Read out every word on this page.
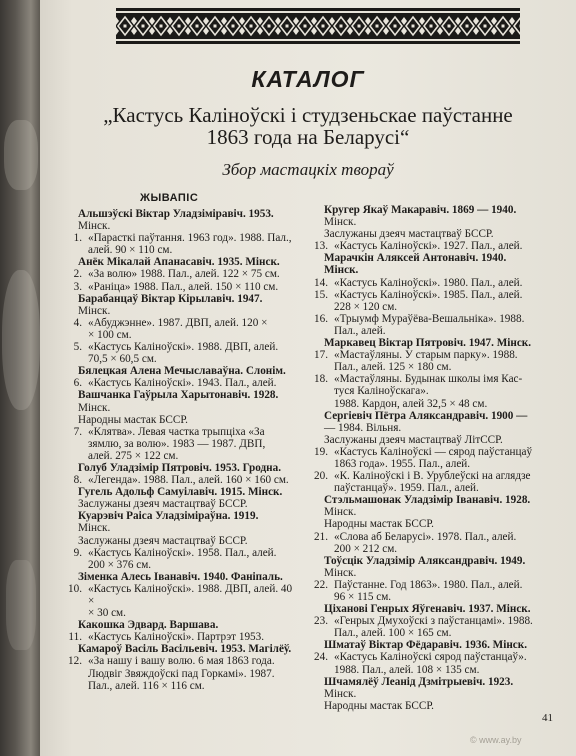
КАТАЛОГ
„Кастусь Каліноўскі і студзеньскае паўстанне
1863 года на Беларусі“
Збор мастацкіх твораў
ЖЫВАПІС
Альшэўскі Віктар Уладзіміравіч. 1953.
Мінск.
1. «Парасткі паўтання. 1963 год». 1988. Пал., алей. 90 × 110 см.
Анёк Мікалай Апанасавіч. 1935. Мінск.
2. «За волю» 1988. Пал., алей. 122 × 75 см.
3. «Раніца» 1988. Пал., алей. 150 × 110 см.
Барабанцаў Віктар Кірылавіч. 1947.
Мінск.
4. «Абуджэнне». 1987. ДВП, алей. 120 ×
× 100 см.
5. «Кастусь Каліноўскі». 1988. ДВП, алей.
70,5 × 60,5 см.
Бялецкая Алена Мечыславаўна. Слонім.
6. «Кастусь Каліноўскі». 1943. Пал., алей.
Вашчанка Гаўрыла Харытонавіч. 1928.
Мінск.
Народны мастак БССР.
7. «Клятва». Левая частка трыпціха «За
зямлю, за волю». 1983 — 1987. ДВП,
алей. 275 × 122 см.
Голуб Уладзімір Пятровіч. 1953. Гродна.
8. «Легенда». 1988. Пал., алей. 160 × 160 см.
Гугель Адольф Самуілавіч. 1915. Мінск.
Заслужаны дзеяч мастацтваў БССР.
Куарэвіч Раіса Уладзіміраўна. 1919.
Мінск.
Заслужаны дзеяч мастацтваў БССР.
9. «Кастусь Каліноўскі». 1958. Пал., алей.
200 × 376 см.
Зіменка Алесь Іванавіч. 1940. Фаніпаль.
10. «Кастусь Каліноўскі». 1988. ДВП, алей. 40 ×
× 30 см.
Какошка Эдвард. Варшава.
11. «Кастусь Каліноўскі». Партрэт 1953.
Камароў Васіль Васільевіч. 1953. Магілёў.
12. «За нашу і вашу волю. 6 мая 1863 года.
Людвіг Звяждоўскі пад Горкамі». 1987.
Пал., алей. 116 × 116 см.
Кругер Якаў Макаравіч. 1869 — 1940.
Мінск.
Заслужаны дзеяч мастацтваў БССР.
13. «Кастусь Каліноўскі». 1927. Пал., алей.
Марачкін Аляксей Антонавіч. 1940. Мінск.
14. «Кастусь Каліноўскі». 1980. Пал., алей.
15. «Кастусь Каліноўскі». 1985. Пал., алей.
228 × 120 см.
16. «Трыумф Мураўёва-Вешальніка». 1988.
Пал., алей.
Маркавец Віктар Пятровіч. 1947. Мінск.
17. «Мастаўляны. У старым парку». 1988.
Пал., алей. 125 × 180 см.
18. «Мастаўляны. Будынак школы імя Кас-
туся Каліноўскага».
1988. Кардон, алей 32,5 × 48 см.
Сергіевіч Пётра Аляксандравіч. 1900 —
— 1984. Вільня.
Заслужаны дзеяч мастацтваў ЛітССР.
19. «Кастусь Каліноўскі — сярод паўстанцаў
1863 года». 1955. Пал., алей.
20. «К. Каліноўскі і В. Урублеўскі на аглядзе
паўстанцаў». 1959. Пал., алей.
Стэльмашонак Уладзімір Іванавіч. 1928.
Мінск.
Народны мастак БССР.
21. «Слова аб Беларусі». 1978. Пал., алей.
200 × 212 см.
Тоўсцік Уладзімір Аляксандравіч. 1949.
Мінск.
22. Паўстанне. Год 1863». 1980. Пал., алей.
96 × 115 см.
Ціханові Генрых Яўгенавіч. 1937. Мінск.
23. «Генрых Дмухоўскі з паўстанцамі». 1988.
Пал., алей. 100 × 165 см.
Шматаў Віктар Фёдаравіч. 1936. Мінск.
24. «Кастусь Каліноўскі сярод паўстанцаў».
1988. Пал., алей. 108 × 135 см.
Шчамялёў Леанід Дзмітрыевіч. 1923.
Мінск.
Народны мастак БССР.
41
© www.ay.by
